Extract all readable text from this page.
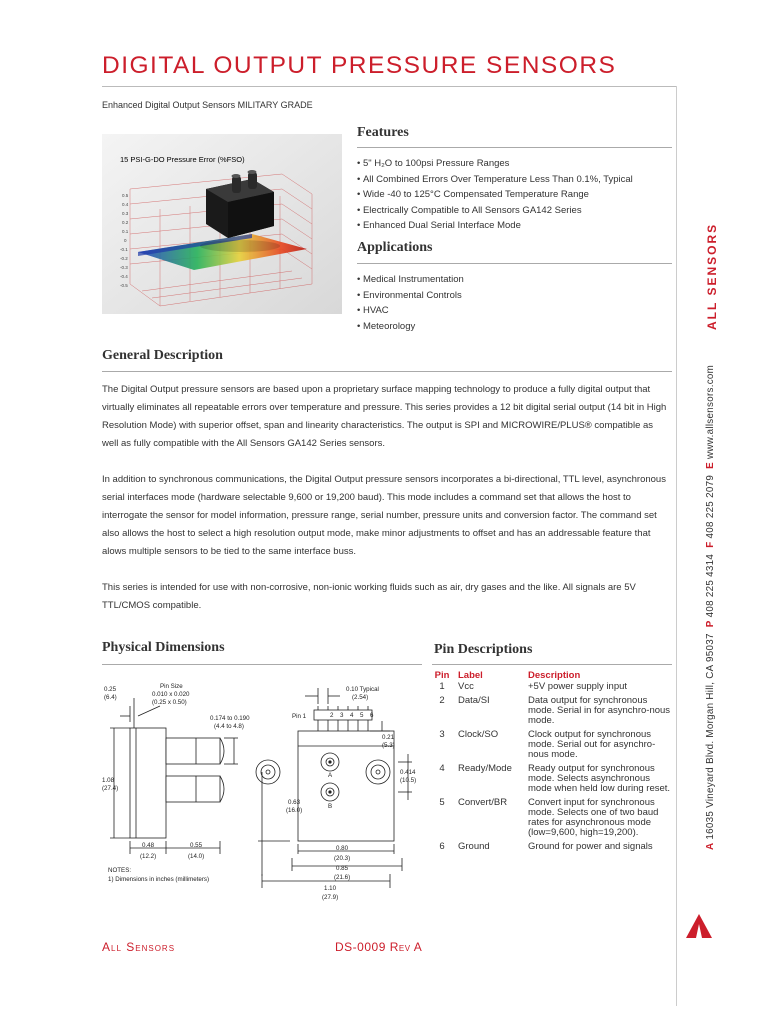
DIGITAL OUTPUT PRESSURE SENSORS
Enhanced Digital Output Sensors MILITARY GRADE
15 PSI-G-DO Pressure Error (%FSO)
0.5
0.4
0.3
0.2
0.1
0
-0.1
-0.2
-0.3
-0.4
-0.5
Features
• 5" H₂O to 100psi Pressure Ranges
• All Combined Errors Over Temperature Less Than 0.1%, Typical
• Wide -40 to 125°C Compensated Temperature Range
• Electrically Compatible to All Sensors GA142 Series
• Enhanced Dual Serial Interface Mode
Applications
• Medical Instrumentation
• Environmental Controls
• HVAC
• Meteorology
General Description

The Digital Output pressure sensors are based upon a proprietary surface mapping technology to produce a fully digital output that virtually eliminates all repeatable errors over temperature and pressure. This series provides a 12 bit digital serial output (14 bit in High Resolution Mode) with superior offset, span and linearity characteristics. The output is SPI and MICROWIRE/PLUS® compatible as well as fully compatible with the All Sensors GA142 Series sensors.

In addition to synchronous communications, the Digital Output pressure sensors incorporates a bi-directional, TTL level, asynchronous serial interfaces mode (hardware selectable 9,600 or 19,200 baud). This mode includes a command set that allows the host to interrogate the sensor for model information, pressure range, serial number, pressure units and conversion factor. The command set also allows the host to select a high resolution output mode, make minor adjustments to offset and has an addressable feature that alows multiple sensors to be tied to the same interface buss.

This series is intended for use with non-corrosive, non-ionic working fluids such as air, dry gases and the like. All signals are 5V TTL/CMOS compatible.

Physical Dimensions
0.25
(6.4)
Pin Size
0.010 x 0.020
(0.25 x 0.50)
0.174 to 0.190
(4.4 to 4.8)
1.08
(27.4)
0.48
(12.2)
0.55
(14.0)
0.10 Typical
(2.54)
Pin 1	2 3 4 5 6
0.21
(5.3)
0.414
(10.5)
0.63
(16.0)
A
B
0.80
(20.3)
0.85
(21.6)
1.10
(27.9)
NOTES:
1) Dimensions in inches (millimeters)
Pin Descriptions
Pin	Label	Description
1	Vcc	+5V power supply input
2	Data/SI	Data output for synchronous mode. Serial in for asynchro-nous mode.
3	Clock/SO	Clock output for synchronous mode. Serial out for asynchro-nous mode.
4	Ready/Mode	Ready output for synchronous mode. Selects asynchronous mode when held low during reset.
5	Convert/BR	Convert input for synchronous mode. Selects one of two baud rates for asynchronous mode (low=9,600, high=19,200).
6	Ground	Ground for power and signals
All Sensors	DS-0009 Rev A
ALL SENSORS
A 16035 Vineyard Blvd. Morgan Hill, CA 95037  P 408 225 4314  F 408 225 2079  E www.allsensors.com
